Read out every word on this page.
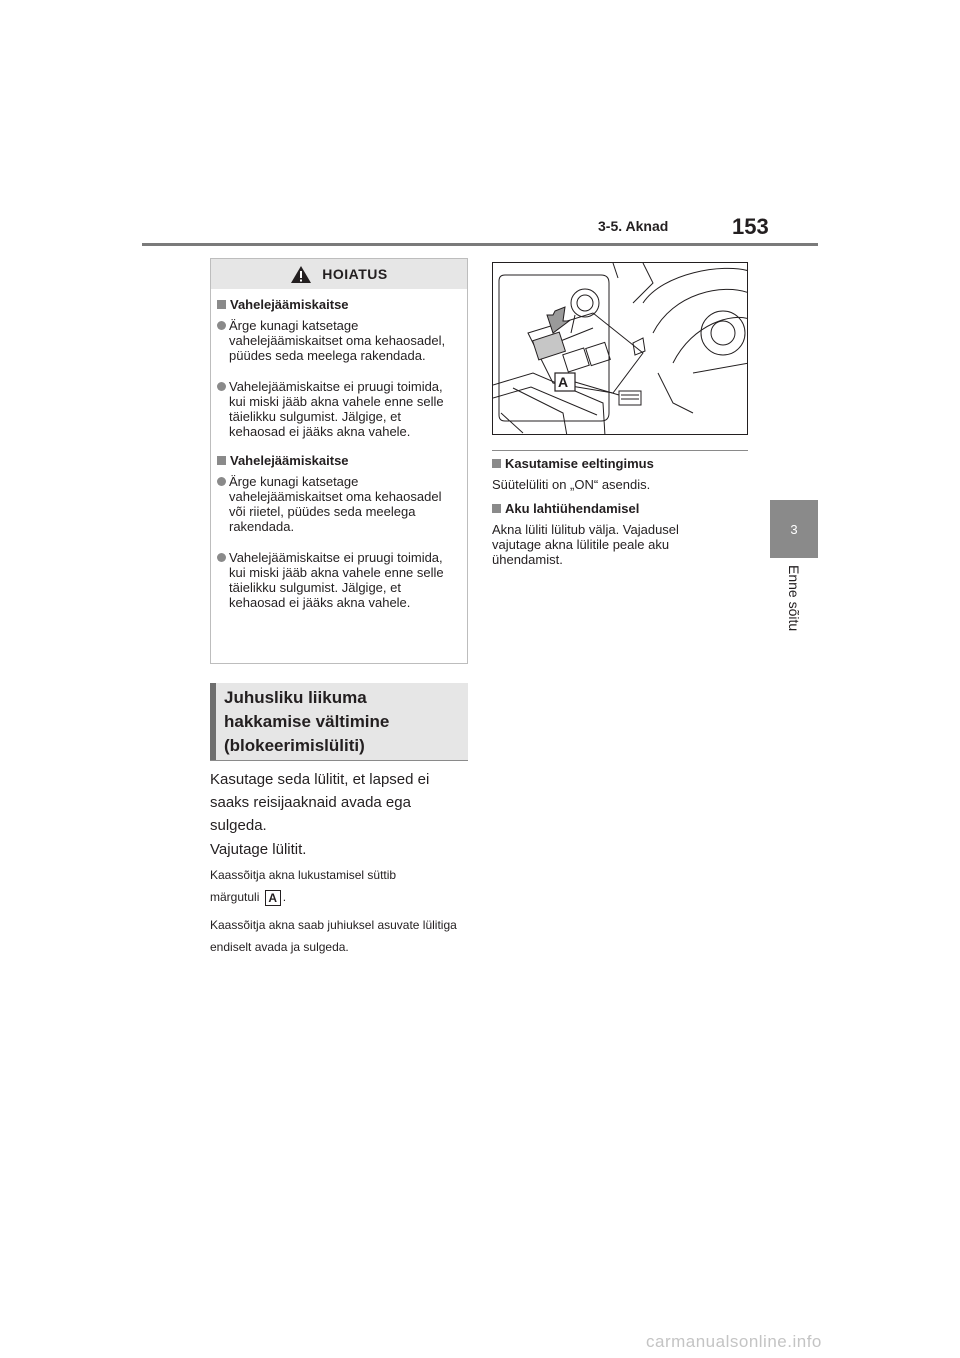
3-5. Aknad	153
3
Enne sõitu
HOIATUS
Vahelejäämiskaitse
Ärge kunagi katsetage vahelejäämiskaitset oma kehaosadel, püüdes seda meelega rakendada.
Vahelejäämiskaitse ei pruugi toimida, kui miski jääb akna vahele enne selle täielikku sulgumist. Jälgige, et kehaosad ei jääks akna vahele.
Vahelejäämiskaitse
Ärge kunagi katsetage vahelejäämiskaitset oma kehaosadel või riietel, püüdes seda meelega rakendada.
Vahelejäämiskaitse ei pruugi toimida, kui miski jääb akna vahele enne selle täielikku sulgumist. Jälgige, et kehaosad ei jääks akna vahele.
Juhusliku liikuma
hakkamise vältimine
(blokeerimislüliti)
Kasutage seda lülitit, et lapsed ei saaks reisijaaknaid avada ega sulgeda.
Vajutage lülitit.
Kaassõitja akna lukustamisel süttib märgutuli A .
Kaassõitja akna saab juhiuksel asuvate lülitiga endiselt avada ja sulgeda.
A
Kasutamise eeltingimus
Süütelüliti on „ON“ asendis.
Aku lahtiühendamisel
Akna lüliti lülitub välja. Vajadusel vajutage akna lülitile peale aku ühendamist.
carmanualsonline.info
